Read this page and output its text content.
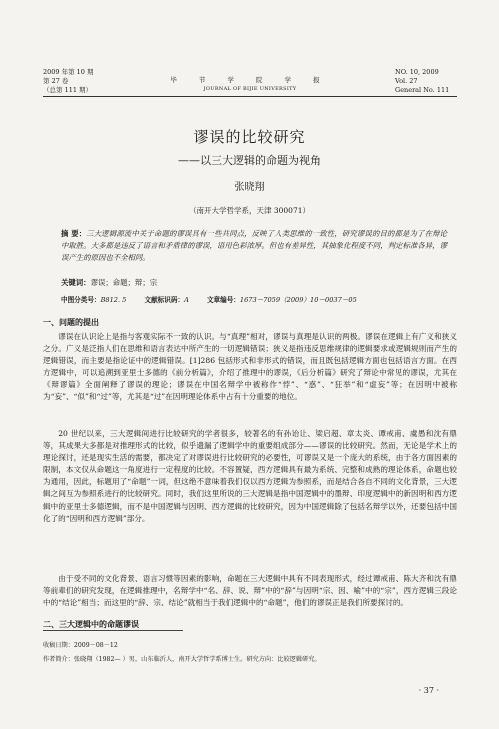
2009 年第 10 期
第 27 卷
（总第 111 期）
毕 节 学 院 学 报
JOURNAL OF BIJIE UNIVERSITY
NO. 10, 2009
Vol. 27
General No. 111
谬误的比较研究
——以三大逻辑的命题为视角
张晓翔
（南开大学哲学系，天津 300071）
摘 要：三大逻辑源流中关于命题的谬误具有一些共同点，反映了人类思维的一致性，研究谬误的目的都是为了在辩论中取胜。大多都是违反了语言和矛盾律的谬误，语用色彩浓厚。但也有差异性，其抽象化程度不同，判定标准各异，谬误产生的原因也不全相同。
关键词：谬误；命题；辩；宗
中图分类号：B812. 5	文献标识码：A	文章编号：1673－7059（2009）10－0037－05
一、问题的提出
谬误在认识论上是指与客观实际不一致的认识。与“真理”相对，谬误与真理是认识的两极。谬误在逻辑上有广义和狭义之分。广义是泛指人们在思维和语言表达中所产生的一切逻辑错误；狭义是指违反思维规律的逻辑要求或逻辑规则而产生的逻辑错误，而主要是指论证中的逻辑错误。[1]286 包括形式和非形式的错误，而且既包括逻辑方面也包括语言方面。在西方逻辑中，可以追溯到亚里士多德的《前分析篇》，介绍了推理中的谬误，《后分析篇》研究了辩论中常见的谬误，尤其在《辩谬篇》全面阐释了谬误的理论；谬误在中国名辩学中被称作“悖”、“惑”、“狂举”和“虚妄”等；在因明中被称为“妄”、“似”和“过”等，尤其是“过”在因明理论体系中占有十分重要的地位。
20 世纪以来，三大逻辑间进行比较研究的学者很多，较著名的有孙诒让、梁启超、章太炎、谭戒甫、虞愚和沈有鼎等，其成果大多都是对推理形式的比较，似乎遗漏了逻辑学中的重要组成部分——谬误的比较研究。然而，无论是学术上的理论探讨，还是现实生活的需要，都决定了对谬误进行比较研究的必要性，可谬误又是一个庞大的系统，由于各方面因素的限制，本文仅从命题这一角度进行一定程度的比较。不容置疑，西方逻辑具有最为系统、完整和成熟的理论体系，命题也较为通用，因此，标题用了“命题”一词，但这绝不意味着我们仅以西方逻辑为参照系，而是结合各自不同的文化背景，三大逻辑之间互为参照系进行的比较研究。同时，我们这里所说的三大逻辑是指中国逻辑中的墨辩、印度逻辑中的新因明和西方逻辑中的亚里士多德逻辑，而不是中国逻辑与因明、西方逻辑的比较研究，因为中国逻辑除了包括名辩学以外，还要包括中国化了的“因明和西方逻辑”部分。
由于受不同的文化背景、语言习惯等因素的影响，命题在三大逻辑中具有不同表现形式，经过谭戒甫、陈大齐和沈有鼎等前辈们的研究发现，在逻辑推理中，名辩学中“名、辞、说、辩”中的“辞”与因明“宗、因、喻”中的“宗”，西方逻辑三段论中的“结论”相当；而这里的“辞、宗、结论”就相当于我们逻辑中的“命题”，他们的谬误正是我们所要探讨的。
二、三大逻辑中的命题谬误
收稿日期：2009－08－12
作者简介：张晓翔（1982— ）男，山东临沂人，南开大学哲学系博士生。研究方向：比较逻辑研究。
· 37 ·
